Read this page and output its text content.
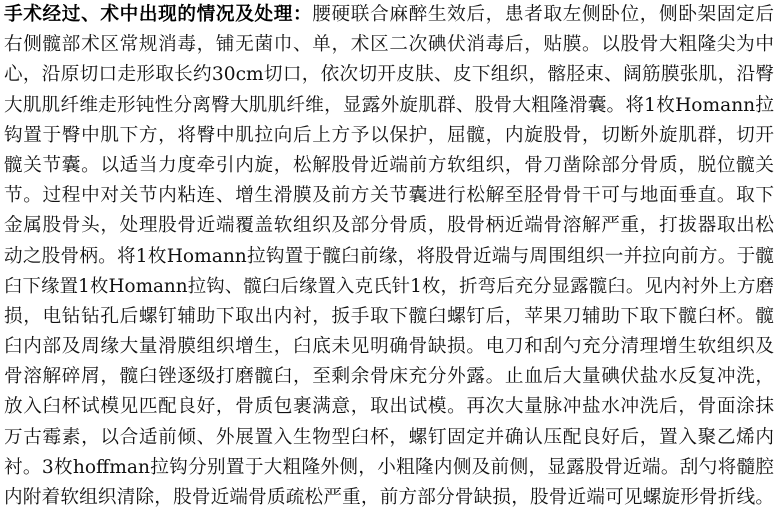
手术经过、术中出现的情况及处理：腰硬联合麻醉生效后，患者取左侧卧位，侧卧架固定后
右侧髋部术区常规消毒，铺无菌巾、单，术区二次碘伏消毒后，贴膜。以股骨大粗隆尖为中
心，沿原切口走形取长约30cm切口，依次切开皮肤、皮下组织，髂胫束、阔筋膜张肌，沿臀
大肌肌纤维走形钝性分离臀大肌肌纤维，显露外旋肌群、股骨大粗隆滑囊。将1枚Homann拉
钩置于臀中肌下方，将臀中肌拉向后上方予以保护，屈髋，内旋股骨，切断外旋肌群，切开
髋关节囊。以适当力度牵引内旋，松解股骨近端前方软组织，骨刀凿除部分骨质，脱位髋关
节。过程中对关节内粘连、增生滑膜及前方关节囊进行松解至胫骨骨干可与地面垂直。取下
金属股骨头，处理股骨近端覆盖软组织及部分骨质，股骨柄近端骨溶解严重，打拔器取出松
动之股骨柄。将1枚Homann拉钩置于髋臼前缘，将股骨近端与周围组织一并拉向前方。于髋
臼下缘置1枚Homann拉钩、髋臼后缘置入克氏针1枚，折弯后充分显露髋臼。见内衬外上方磨
损，电钻钻孔后螺钉辅助下取出内衬，扳手取下髋臼螺钉后，苹果刀辅助下取下髋臼杯。髋
臼内部及周缘大量滑膜组织增生，臼底未见明确骨缺损。电刀和刮勺充分清理增生软组织及
骨溶解碎屑，髋臼锉逐级打磨髋臼，至剩余骨床充分外露。止血后大量碘伏盐水反复冲洗，
放入臼杯试模见匹配良好，骨质包裹满意，取出试模。再次大量脉冲盐水冲洗后，骨面涂抹
万古霉素，以合适前倾、外展置入生物型臼杯，螺钉固定并确认压配良好后，置入聚乙烯内
衬。3枚hoffman拉钩分别置于大粗隆外侧，小粗隆内侧及前侧，显露股骨近端。刮勺将髓腔
内附着软组织清除，股骨近端骨质疏松严重，前方部分骨缺损，股骨近端可见螺旋形骨折线。
